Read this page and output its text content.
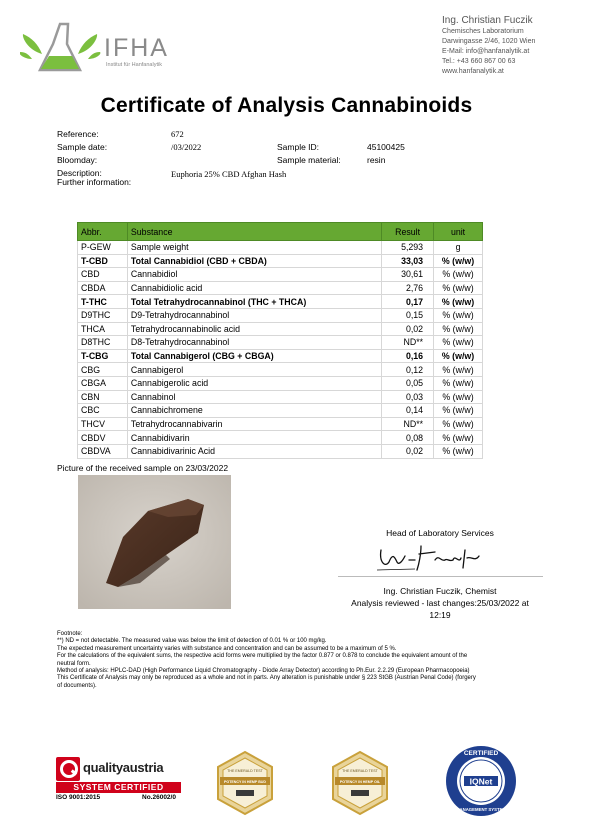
IFHA
Institut für Hanfanalytik
Ing. Christian Fuczik
Chemisches Laboratorium
Darwingasse 2/46, 1020 Wien
E-Mail: info@hanfanalytik.at
Tel.: +43 660 867 00 63
www.hanfanalytik.at
Certificate of Analysis Cannabinoids
Reference:	672
Sample date:	/03/2022
Bloomday:
Description:	Euphoria 25% CBD Afghan Hash
Further information:
Sample ID:	45100425
Sample material:	resin
Abbr.	Substance	Result	unit
P-GEW	Sample weight	5,293	g
T-CBD	Total Cannabidiol (CBD + CBDA)	33,03	% (w/w)
CBD	Cannabidiol	30,61	% (w/w)
CBDA	Cannabidiolic acid	2,76	% (w/w)
T-THC	Total Tetrahydrocannabinol (THC + THCA)	0,17	% (w/w)
D9THC	D9-Tetrahydrocannabinol	0,15	% (w/w)
THCA	Tetrahydrocannabinolic acid	0,02	% (w/w)
D8THC	D8-Tetrahydrocannabinol	ND**	% (w/w)
T-CBG	Total Cannabigerol (CBG + CBGA)	0,16	% (w/w)
CBG	Cannabigerol	0,12	% (w/w)
CBGA	Cannabigerolic acid	0,05	% (w/w)
CBN	Cannabinol	0,03	% (w/w)
CBC	Cannabichromene	0,14	% (w/w)
THCV	Tetrahydrocannabivarin	ND**	% (w/w)
CBDV	Cannabidivarin	0,08	% (w/w)
CBDVA	Cannabidivarinic Acid	0,02	% (w/w)
Picture of the received sample on 23/03/2022
Head of Laboratory Services
Ing. Christian Fuczik, Chemist
Analysis reviewed - last changes:25/03/2022 at
12:19
Footnote:
**) ND = not detectable. The measured value was below the limit of detection of 0.01 % or 100 mg/kg.
The expected measurement uncertainty varies with substance and concentration and can be assumed to be a maximum of 5 %.
For the calculations of the equivalent sums, the respective acid forms were multiplied by the factor 0.877 or 0.878 to conclude the equivalent amount of the
neutral form.
Method of analysis: HPLC-DAD (High Performance Liquid Chromatography - Diode Array Detector) according to Ph.Eur. 2.2.29 (European Pharmacopoeia)
This Certificate of Analysis may only be reproduced as a whole and not in parts. Any alteration is punishable under § 223 StGB (Austrian Penal Code) (forgery
of documents).
qualityaustria
SYSTEM CERTIFIED
ISO 9001:2015	No.26002/0
THE EMERALD TEST
POTENCY IN HEMP BUD
THE EMERALD TEST
POTENCY IN HEMP OIL
CERTIFIED
IQNet
MANAGEMENT SYSTEM
